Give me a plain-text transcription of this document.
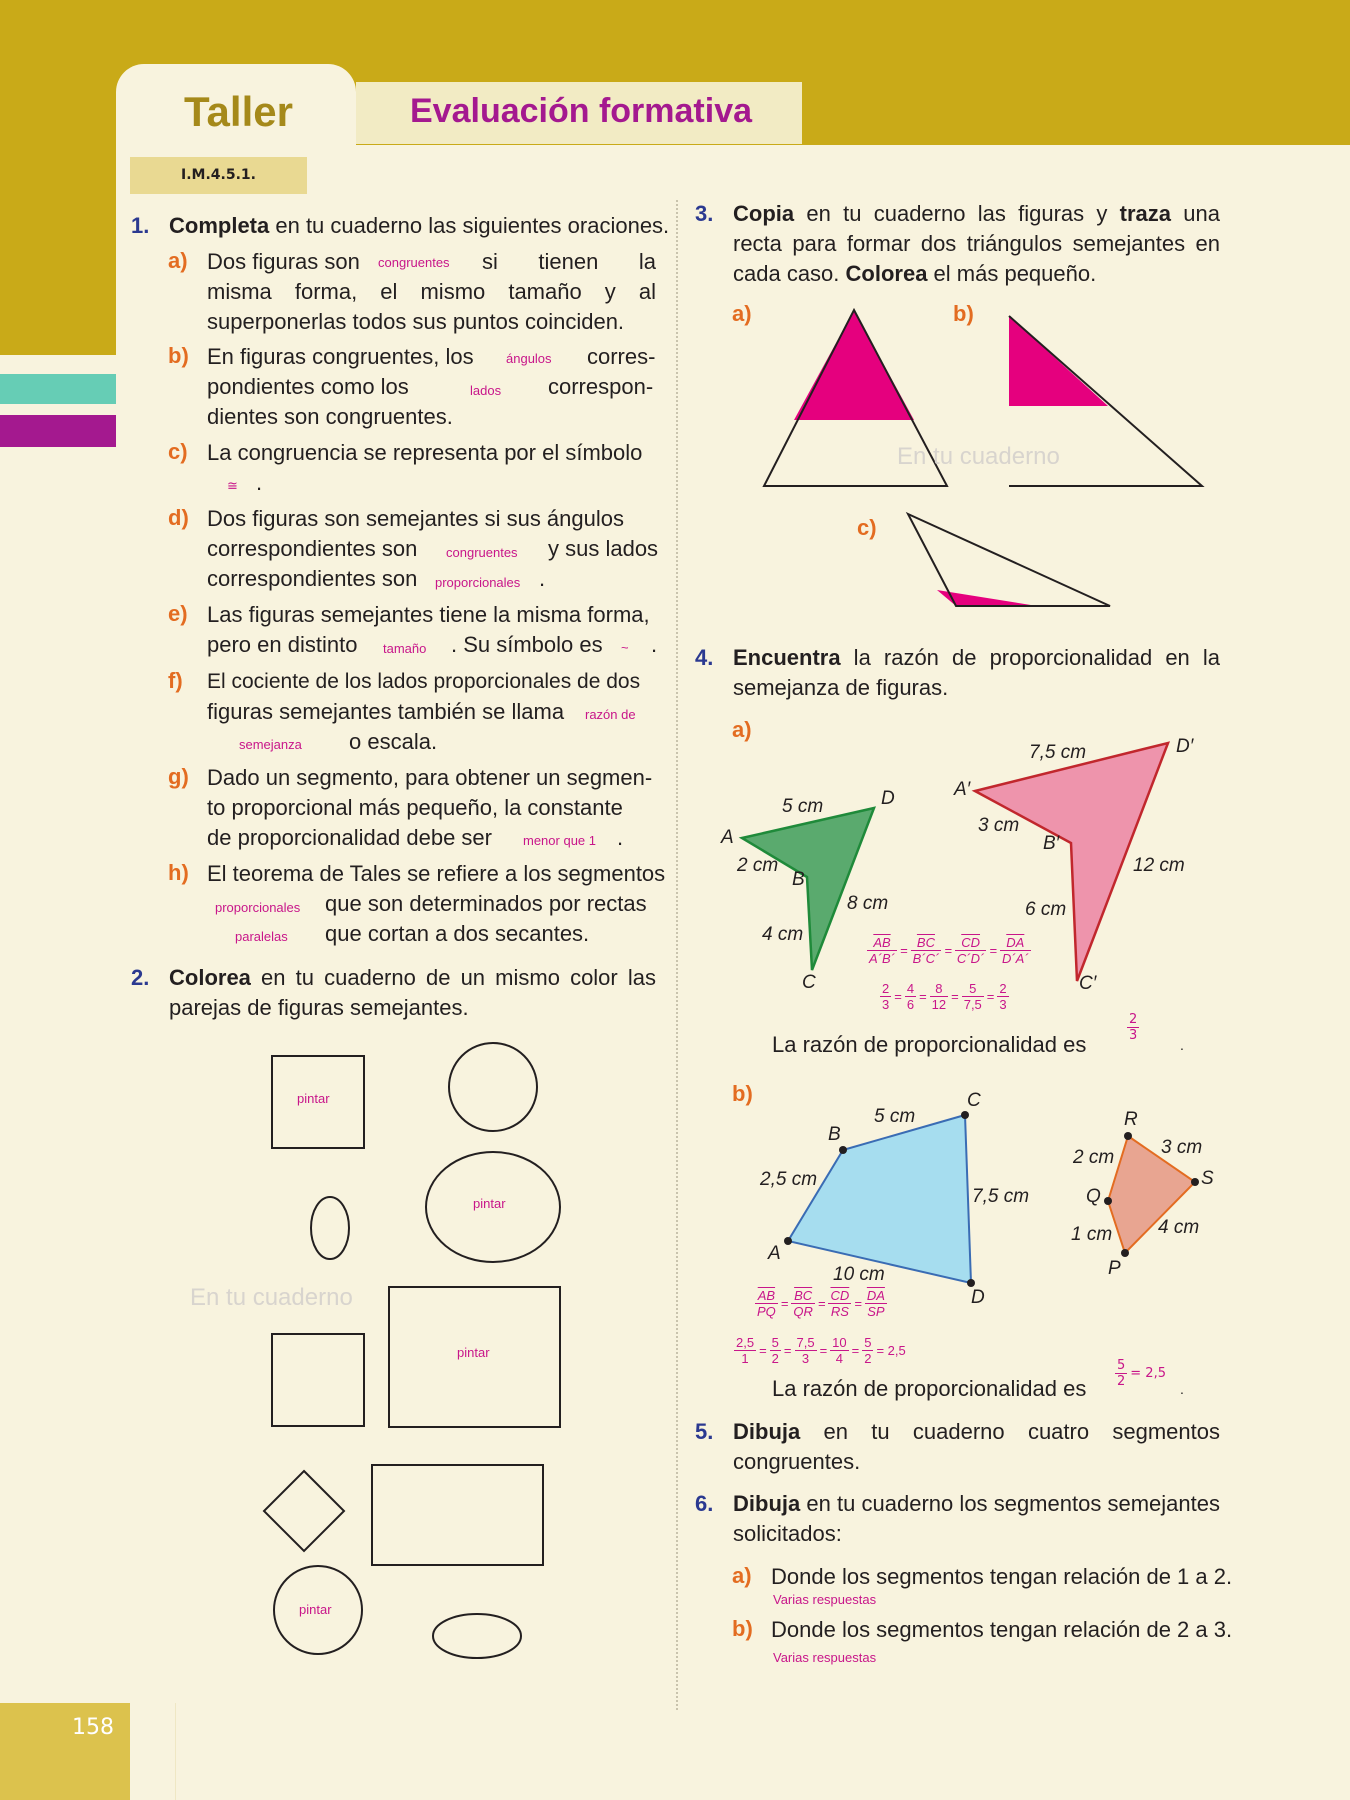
Taller	Evaluación formativa
I.M.4.5.1.
158
1. Completa en tu cuaderno las siguientes oraciones.
a) Dos figuras son	congruentes	si tienen la misma forma, el mismo tamaño y al superponerlas todos sus puntos coinciden.
b) En figuras congruentes, los ángulos corres-
pondientes como los	lados correspon-
dientes son congruentes.
c) La congruencia se representa por el símbolo
≅ .
d) Dos figuras son semejantes si sus ángulos
correspondientes son congruentes y sus lados
correspondientes son proporcionales .
e) Las figuras semejantes tiene la misma forma,
pero en distinto tamaño . Su símbolo es ~ .
f) El cociente de los lados proporcionales de dos
figuras semejantes también se llama razón de
semejanza o escala.
g) Dado un segmento, para obtener un segmen-
to proporcional más pequeño, la constante
de proporcionalidad debe ser menor que 1 .
h) El teorema de Tales se refiere a los segmentos
proporcionales que son determinados por rectas
paralelas que cortan a dos secantes.
2. Colorea en tu cuaderno de un mismo color las parejas de figuras semejantes.
pintar
pintar
pintar
pintar
En tu cuaderno
3. Copia en tu cuaderno las figuras y traza una recta para formar dos triángulos semejantes en cada caso. Colorea el más pequeño.
a)	b)
c)
En tu cuaderno
4. Encuentra la razón de proporcionalidad en la semejanza de figuras.
a)
A
B
C
D	A′
B′
C′
D′
5 cm
2 cm
4 cm
8 cm
7,5 cm
3 cm
6 cm
12 cm
$\frac{\overline{AB}}{A´B´} = \frac{\overline{BC}}{B´C´} = \frac{\overline{CD}}{C´D´} = \frac{\overline{DA}}{D´A´}$
$\frac{2}{3} = \frac{4}{6} = \frac{8}{12} = \frac{5}{7,5} = \frac{2}{3}$
La razón de proporcionalidad es
$\frac{2}{3}$
.
b)
A
B
C
D
P
Q
R
S
5 cm
2,5 cm
7,5 cm
10 cm
2 cm 3 cm
1 cm 4 cm
$\frac{\overline{AB}}{PQ} = \frac{\overline{BC}}{QR} = \frac{\overline{CD}}{RS} = \frac{\overline{DA}}{SP}$
$\frac{2,5}{1} = \frac{5}{2} = \frac{7,5}{3} = \frac{10}{4} = \frac{5}{2} = 2,5$
La razón de proporcionalidad es $\frac{5}{2} = 2,5$
.
5. Dibuja en tu cuaderno cuatro segmentos congruentes.
6. Dibuja en tu cuaderno los segmentos semejantes solicitados:
a) Donde los segmentos tengan relación de 1 a 2.
Varias respuestas
b) Donde los segmentos tengan relación de 2 a 3.
Varias respuestas
